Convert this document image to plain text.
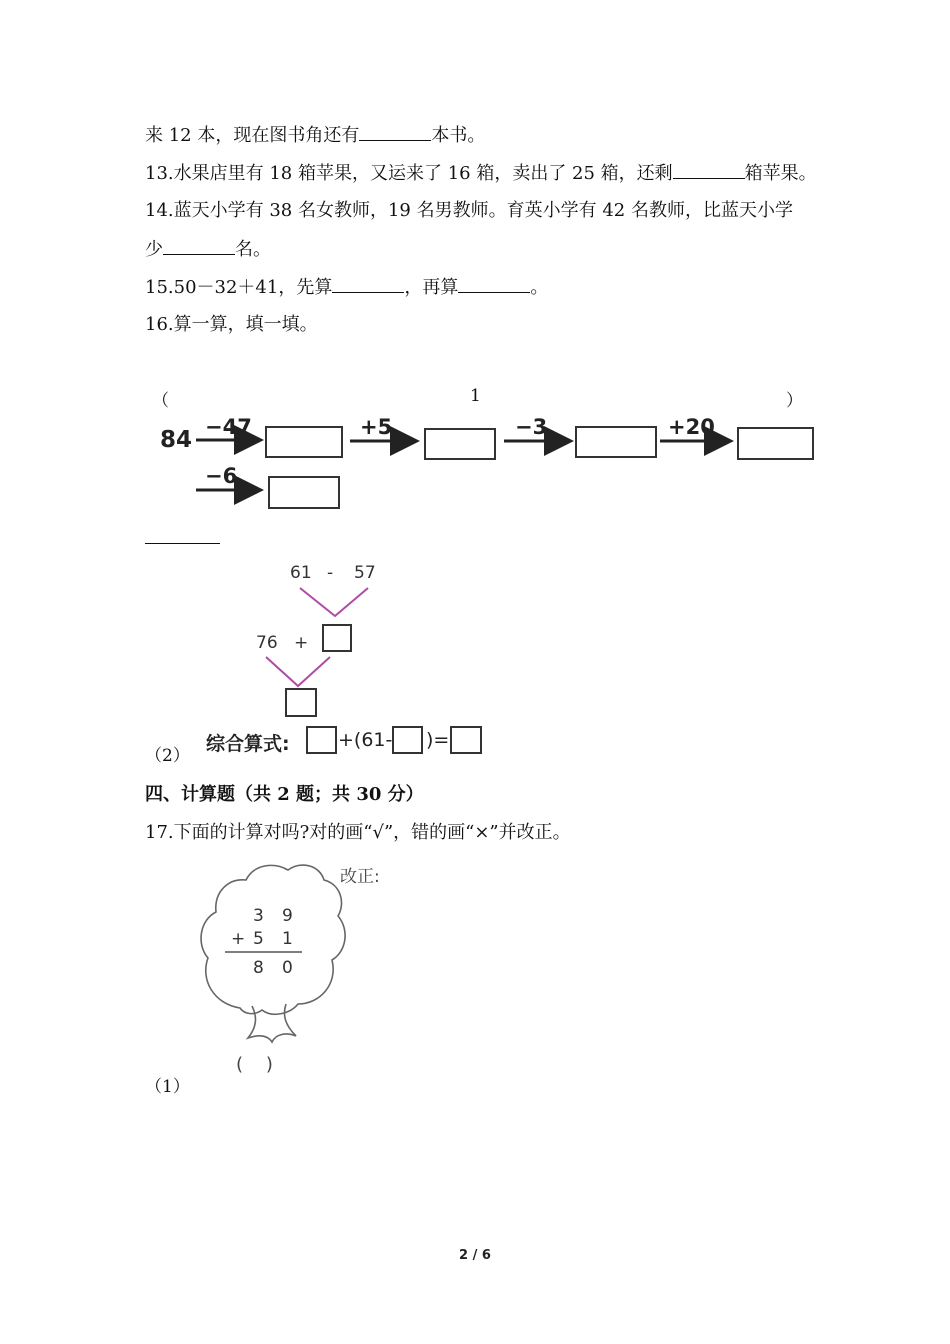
来 12 本，现在图书角还有	本书。
13.水果店里有 18 箱苹果，又运来了 16 箱，卖出了 25 箱，还剩	箱苹果。
14.蓝天小学有 38 名女教师，19 名男教师。育英小学有 42 名教师，比蓝天小学
少	名。
15.50－32＋41，先算	，再算	。
16.算一算，填一填。
（	1	）
84 −47	+5	−3	+20
−6
61 - 57
76 +
（2）
综合算式:	+(61- )=
四、计算题（共 2 题；共 30 分）
17.下面的计算对吗?对的画“√”，错的画“×”并改正。
改正:
3 9
+ 5 1
8 0
(    )
（1）
2 / 6
